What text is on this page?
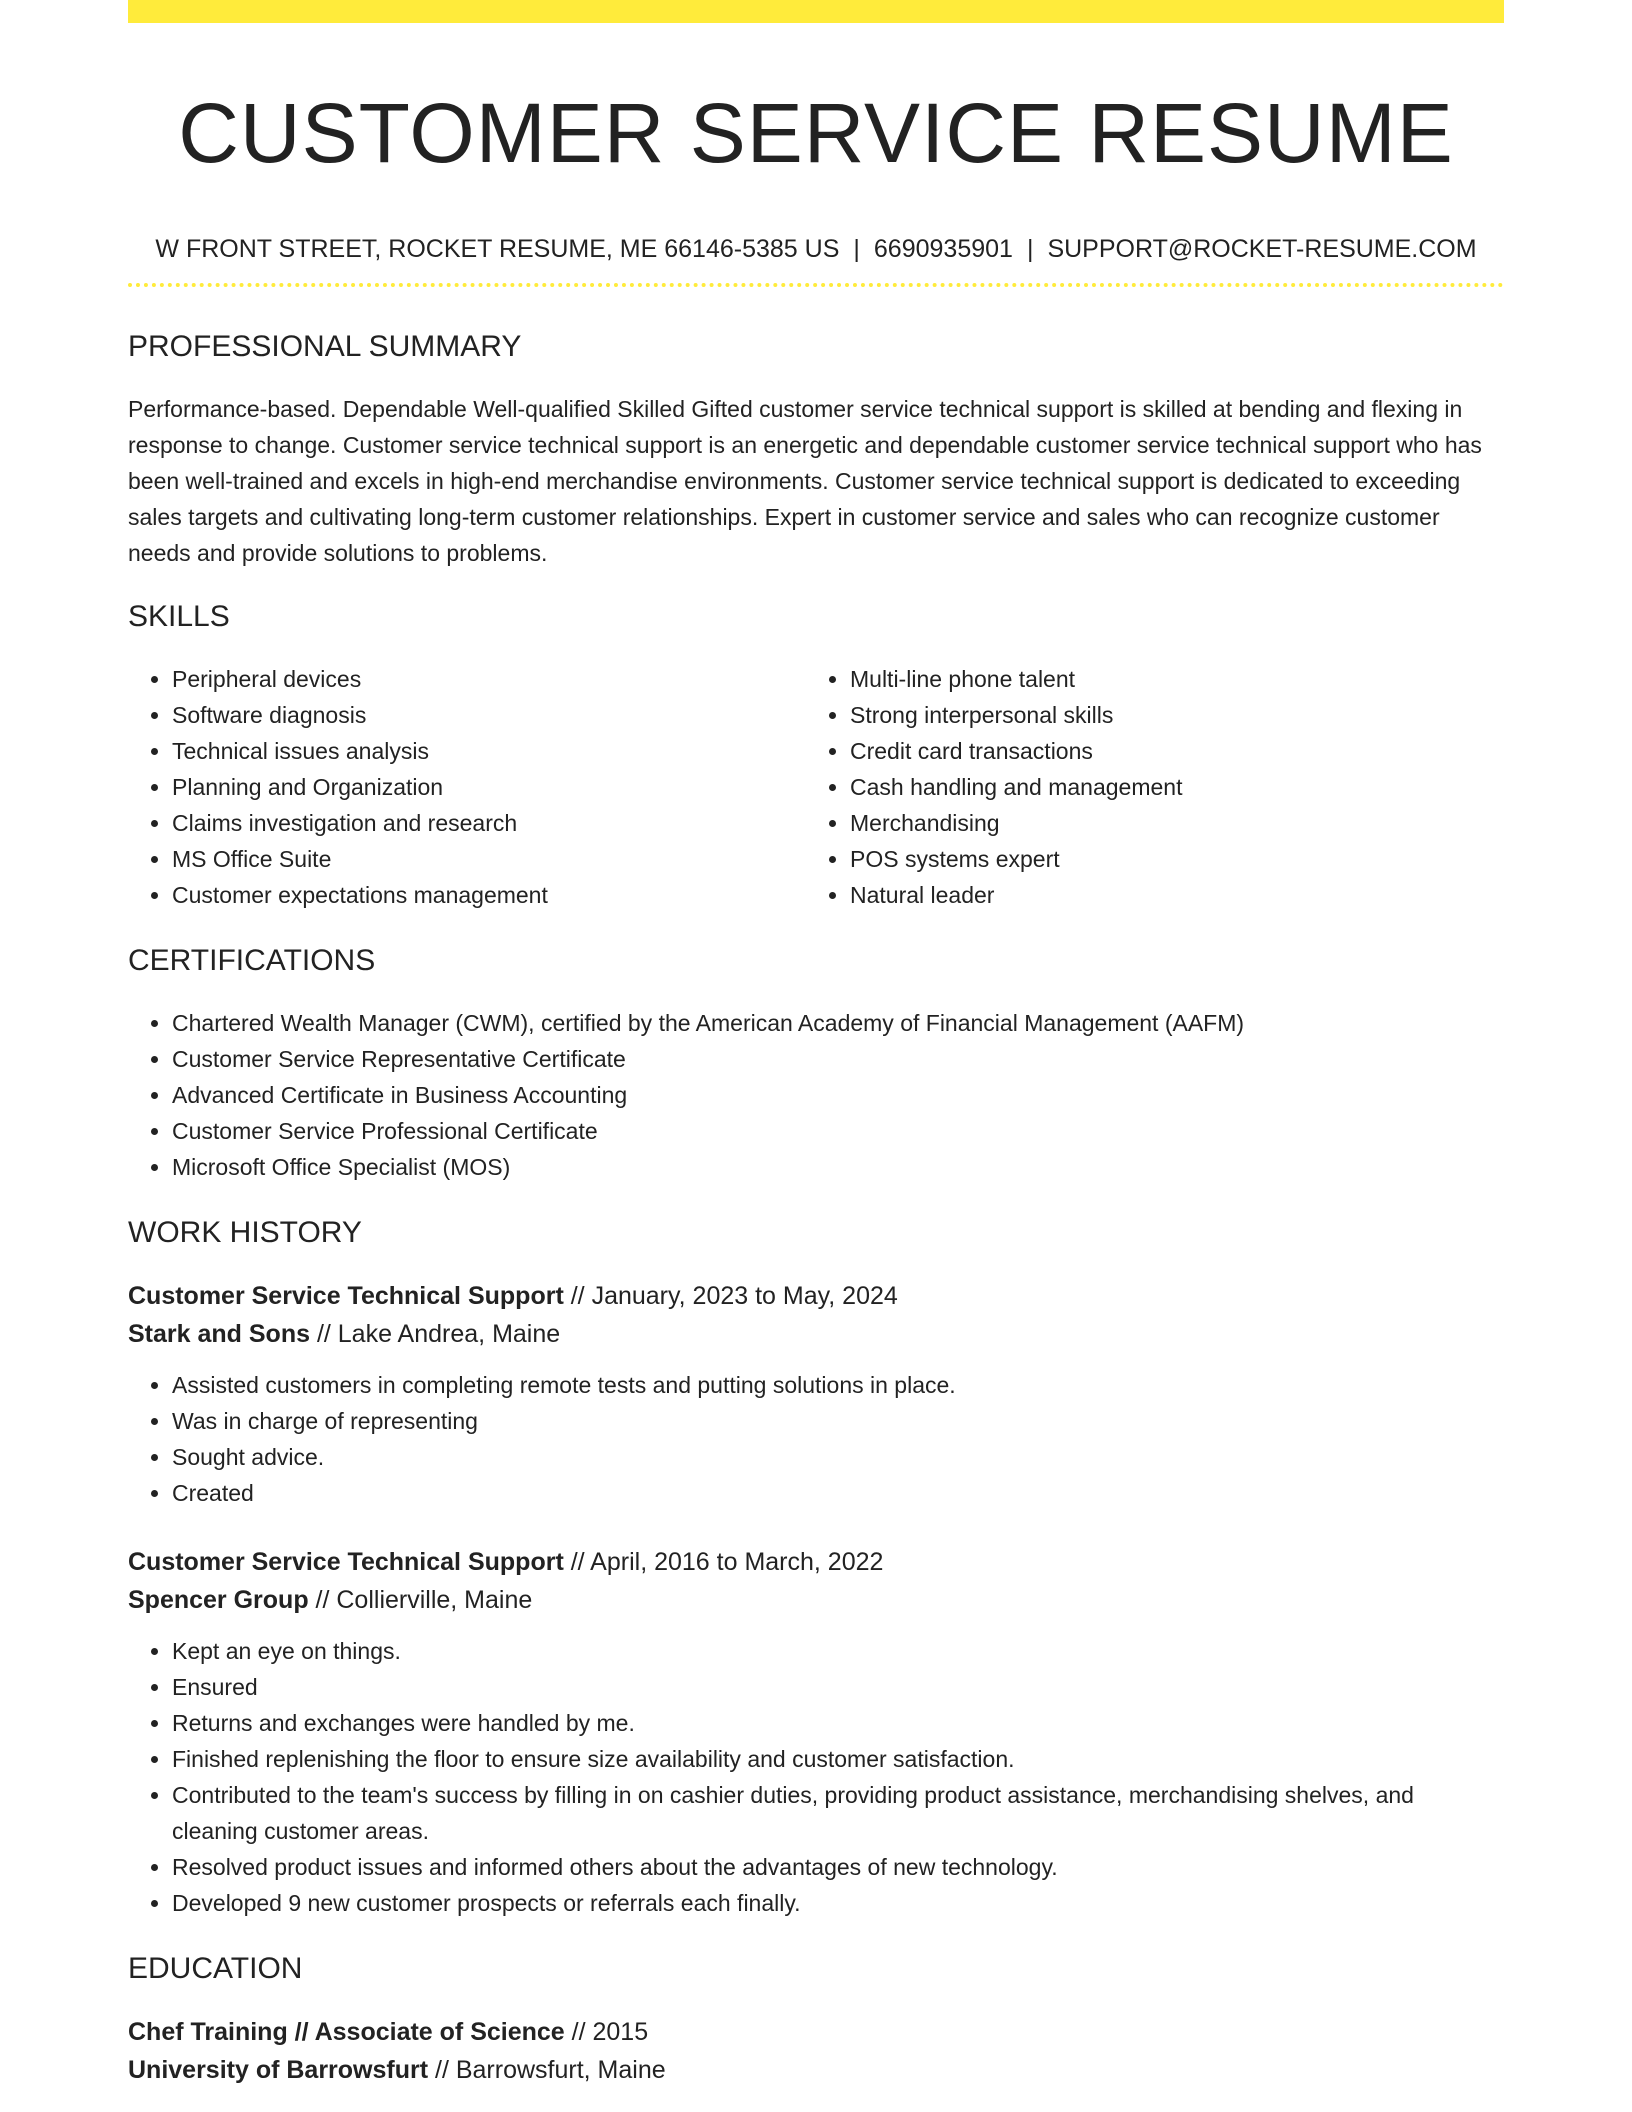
CUSTOMER SERVICE RESUME
W FRONT STREET, ROCKET RESUME, ME 66146-5385 US | 6690935901 | SUPPORT@ROCKET-RESUME.COM
PROFESSIONAL SUMMARY

Performance-based. Dependable Well-qualified Skilled Gifted customer service technical support is skilled at bending and flexing in response to change. Customer service technical support is an energetic and dependable customer service technical support who has been well-trained and excels in high-end merchandise environments. Customer service technical support is dedicated to exceeding sales targets and cultivating long-term customer relationships. Expert in customer service and sales who can recognize customer needs and provide solutions to problems.

SKILLS
• Peripheral devices
• Software diagnosis
• Technical issues analysis
• Planning and Organization
• Claims investigation and research
• MS Office Suite
• Customer expectations management
• Multi-line phone talent
• Strong interpersonal skills
• Credit card transactions
• Cash handling and management
• Merchandising
• POS systems expert
• Natural leader
CERTIFICATIONS
• Chartered Wealth Manager (CWM), certified by the American Academy of Financial Management (AAFM)
• Customer Service Representative Certificate
• Advanced Certificate in Business Accounting
• Customer Service Professional Certificate
• Microsoft Office Specialist (MOS)
WORK HISTORY
Customer Service Technical Support // January, 2023 to May, 2024
Stark and Sons // Lake Andrea, Maine
• Assisted customers in completing remote tests and putting solutions in place.
• Was in charge of representing
• Sought advice.
• Created
Customer Service Technical Support // April, 2016 to March, 2022
Spencer Group // Collierville, Maine
• Kept an eye on things.
• Ensured
• Returns and exchanges were handled by me.
• Finished replenishing the floor to ensure size availability and customer satisfaction.
• Contributed to the team's success by filling in on cashier duties, providing product assistance, merchandising shelves, and cleaning customer areas.
• Resolved product issues and informed others about the advantages of new technology.
• Developed 9 new customer prospects or referrals each finally.
EDUCATION
Chef Training // Associate of Science // 2015
University of Barrowsfurt // Barrowsfurt, Maine
